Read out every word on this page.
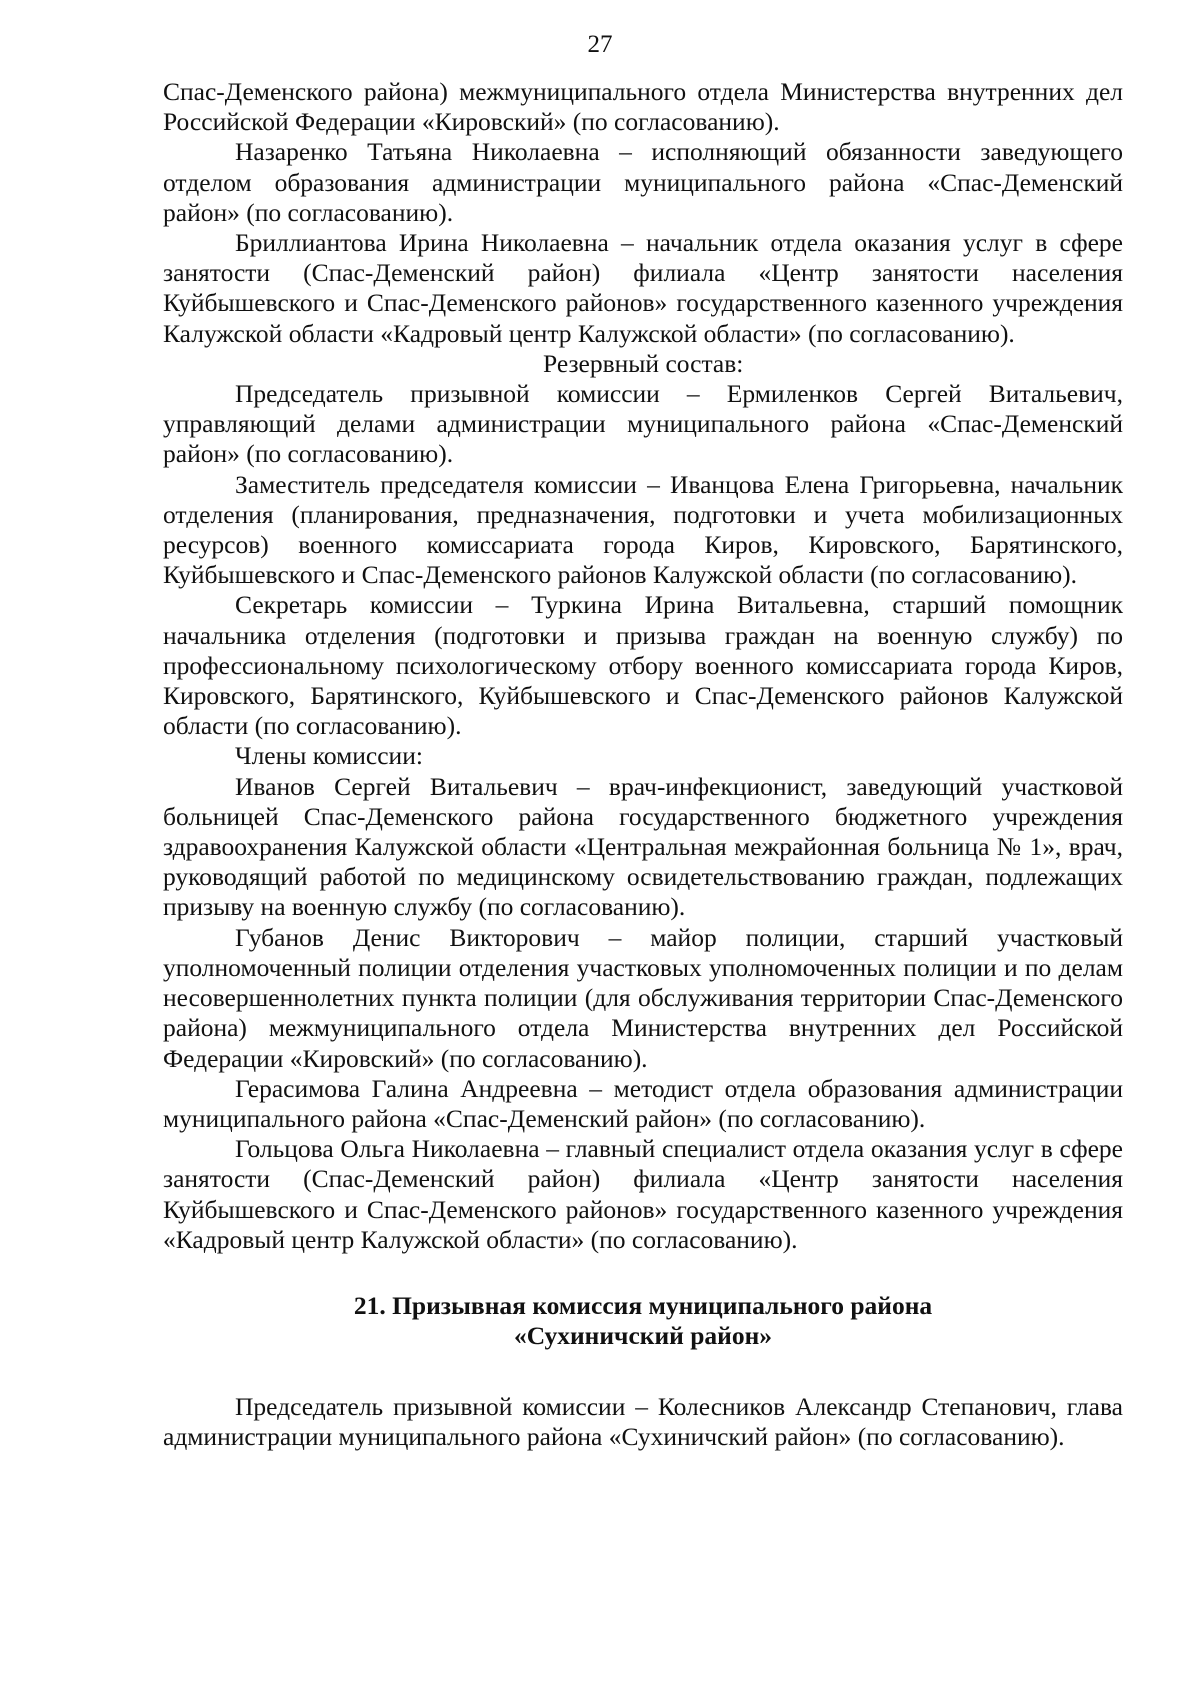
27

Спас-Деменского района) межмуниципального отдела Министерства внутренних дел Российской Федерации «Кировский» (по согласованию).

Назаренко Татьяна Николаевна – исполняющий обязанности заведующего отделом образования администрации муниципального района «Спас-Деменский район» (по согласованию).

Бриллиантова Ирина Николаевна – начальник отдела оказания услуг в сфере занятости (Спас-Деменский район) филиала «Центр занятости населения Куйбышевского и Спас-Деменского районов» государственного казенного учреждения Калужской области «Кадровый центр Калужской области» (по согласованию).

Резервный состав:

Председатель призывной комиссии – Ермиленков Сергей Витальевич, управляющий делами администрации муниципального района «Спас-Деменский район» (по согласованию).

Заместитель председателя комиссии – Иванцова Елена Григорьевна, начальник отделения (планирования, предназначения, подготовки и учета мобилизационных ресурсов) военного комиссариата города Киров, Кировского, Барятинского, Куйбышевского и Спас-Деменского районов Калужской области (по согласованию).

Секретарь комиссии – Туркина Ирина Витальевна, старший помощник начальника отделения (подготовки и призыва граждан на военную службу) по профессиональному психологическому отбору военного комиссариата города Киров, Кировского, Барятинского, Куйбышевского и Спас-Деменского районов Калужской области (по согласованию).

Члены комиссии:

Иванов Сергей Витальевич – врач-инфекционист, заведующий участковой больницей Спас-Деменского района государственного бюджетного учреждения здравоохранения Калужской области «Центральная межрайонная больница № 1», врач, руководящий работой по медицинскому освидетельствованию граждан, подлежащих призыву на военную службу (по согласованию).

Губанов Денис Викторович – майор полиции, старший участковый уполномоченный полиции отделения участковых уполномоченных полиции и по делам несовершеннолетних пункта полиции (для обслуживания территории Спас-Деменского района) межмуниципального отдела Министерства внутренних дел Российской Федерации «Кировский» (по согласованию).

Герасимова Галина Андреевна – методист отдела образования администрации муниципального района «Спас-Деменский район» (по согласованию).

Гольцова Ольга Николаевна – главный специалист отдела оказания услуг в сфере занятости (Спас-Деменский район) филиала «Центр занятости населения Куйбышевского и Спас-Деменского районов» государственного казенного учреждения «Кадровый центр Калужской области» (по согласованию).

21. Призывная комиссия муниципального района
«Сухиничский район»

Председатель призывной комиссии – Колесников Александр Степанович, глава администрации муниципального района «Сухиничский район» (по согласованию).
